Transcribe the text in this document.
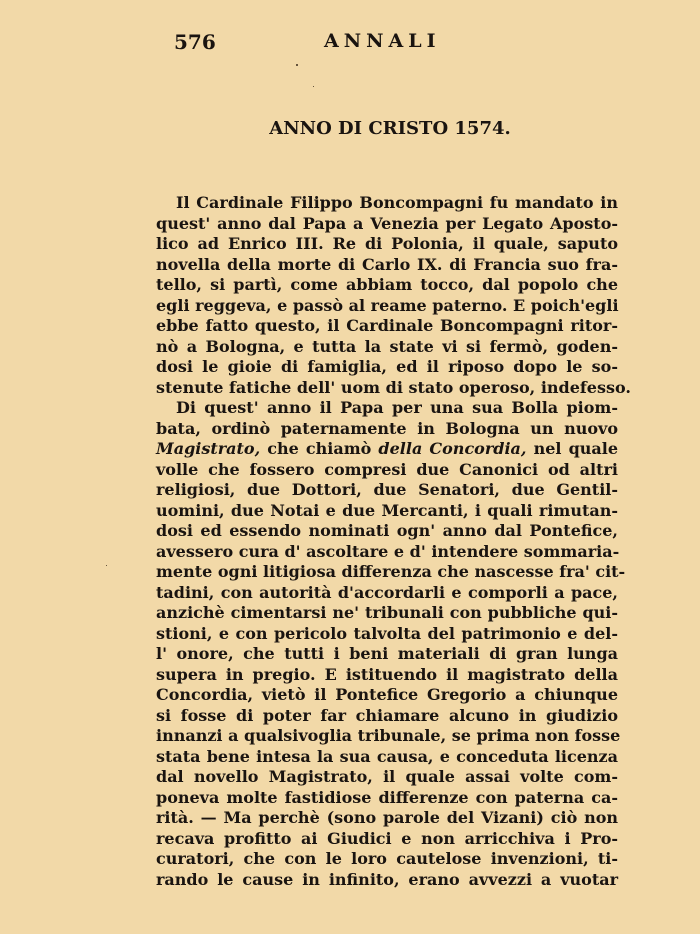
576	ANNALI
ANNO DI CRISTO 1574.
Il Cardinale Filippo Boncompagni fu mandato in
quest' anno dal Papa a Venezia per Legato Aposto-
lico ad Enrico III. Re di Polonia, il quale, saputo
novella della morte di Carlo IX. di Francia suo fra-
tello, si partì, come abbiam tocco, dal popolo che
egli reggeva, e passò al reame paterno. E poich'egli
ebbe fatto questo, il Cardinale Boncompagni ritor-
nò a Bologna, e tutta la state vi si fermò, goden-
dosi le gioie di famiglia, ed il riposo dopo le so-
stenute fatiche dell' uom di stato operoso, indefesso.
Di quest' anno il Papa per una sua Bolla piom-
bata, ordinò paternamente in Bologna un nuovo
Magistrato, che chiamò della Concordia, nel quale
volle che fossero compresi due Canonici od altri
religiosi, due Dottori, due Senatori, due Gentil-
uomini, due Notai e due Mercanti, i quali rimutan-
dosi ed essendo nominati ogn' anno dal Pontefice,
avessero cura d' ascoltare e d' intendere sommaria-
mente ogni litigiosa differenza che nascesse fra' cit-
tadini, con autorità d'accordarli e comporli a pace,
anzichè cimentarsi ne' tribunali con pubbliche qui-
stioni, e con pericolo talvolta del patrimonio e del-
l' onore, che tutti i beni materiali di gran lunga
supera in pregio. E istituendo il magistrato della
Concordia, vietò il Pontefice Gregorio a chiunque
si fosse di poter far chiamare alcuno in giudizio
innanzi a qualsivoglia tribunale, se prima non fosse
stata bene intesa la sua causa, e conceduta licenza
dal novello Magistrato, il quale assai volte com-
poneva molte fastidiose differenze con paterna ca-
rità. — Ma perchè (sono parole del Vizani) ciò non
recava profitto ai Giudici e non arricchiva i Pro-
curatori, che con le loro cautelose invenzioni, ti-
rando le cause in infinito, erano avvezzi a vuotar
